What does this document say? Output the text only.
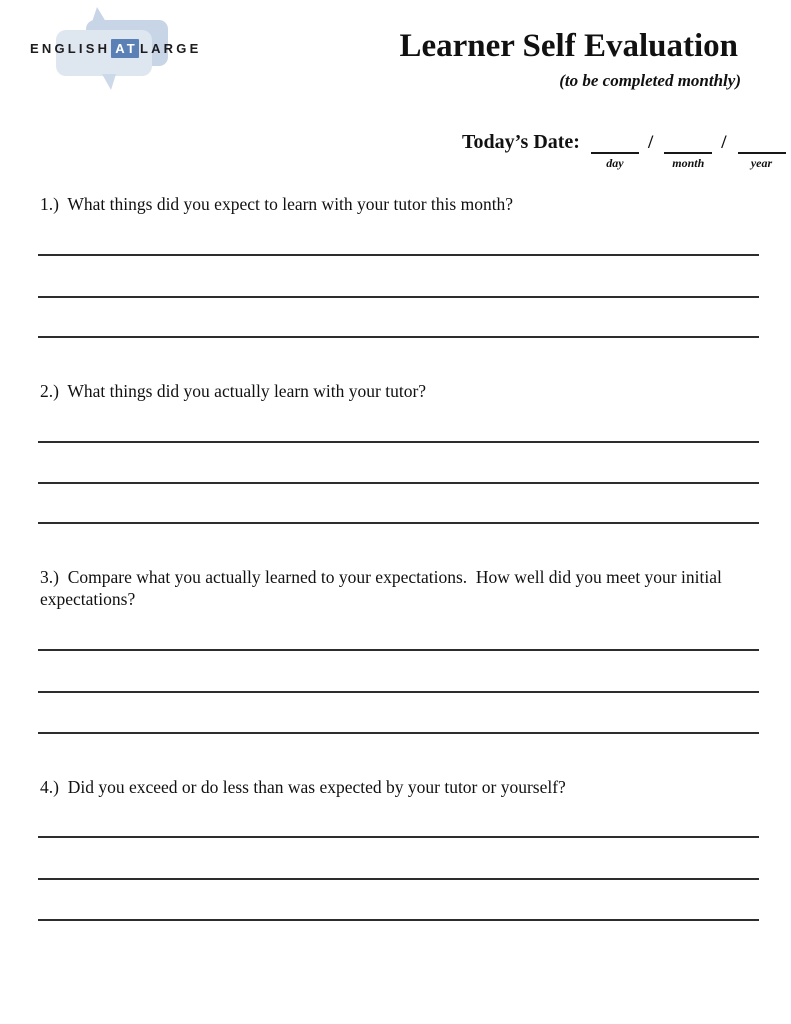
ENGLISH AT LARGE	Learner Self Evaluation
(to be completed monthly)
Today’s Date:
day
/
month
/
year

1.) What things did you expect to learn with your tutor this month?

2.) What things did you actually learn with your tutor?

3.) Compare what you actually learned to your expectations.  How well did you meet your initial expectations?

4.) Did you exceed or do less than was expected by your tutor or yourself?
